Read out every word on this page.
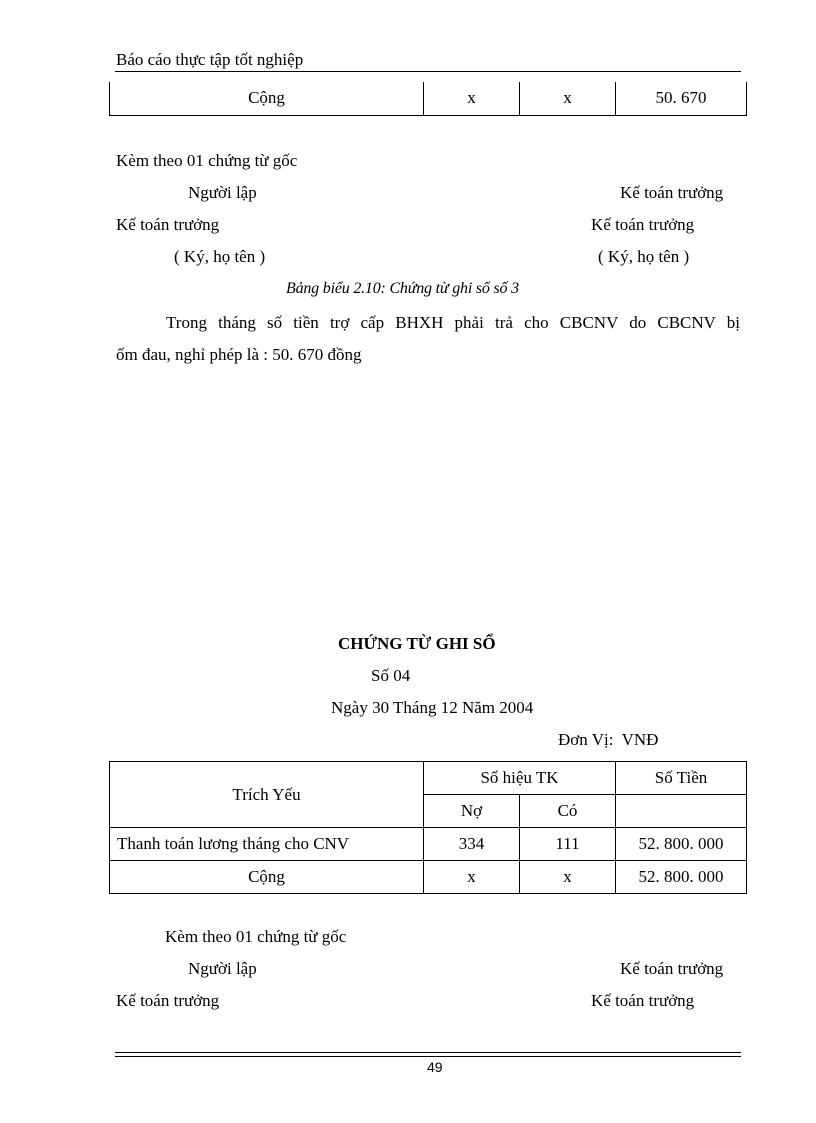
Báo cáo thực tập tốt nghiệp
Cộng	x	x	50. 670
Kèm theo 01 chứng từ gốc
Người lập	Kế toán trưởng
Kế toán trưởng	Kế toán trưởng
( Ký, họ tên )	( Ký, họ tên )
Bảng biểu 2.10: Chứng từ ghi sổ số 3
Trong tháng số tiền trợ cấp BHXH phải trả cho CBCNV do CBCNV bị
ốm đau, nghỉ phép là : 50. 670 đồng
CHỨNG TỪ GHI SỔ
Số 04
Ngày 30 Tháng 12 Năm 2004
Đơn Vị:  VNĐ
Trích Yếu	Số hiệu TK		Số Tiền
	Nợ	Có	
Thanh toán lương tháng cho CNV	334	111	52. 800. 000
Cộng	x	x	52. 800. 000
Kèm theo 01 chứng từ gốc
Người lập	Kế toán trưởng
Kế toán trưởng	Kế toán trưởng
49
